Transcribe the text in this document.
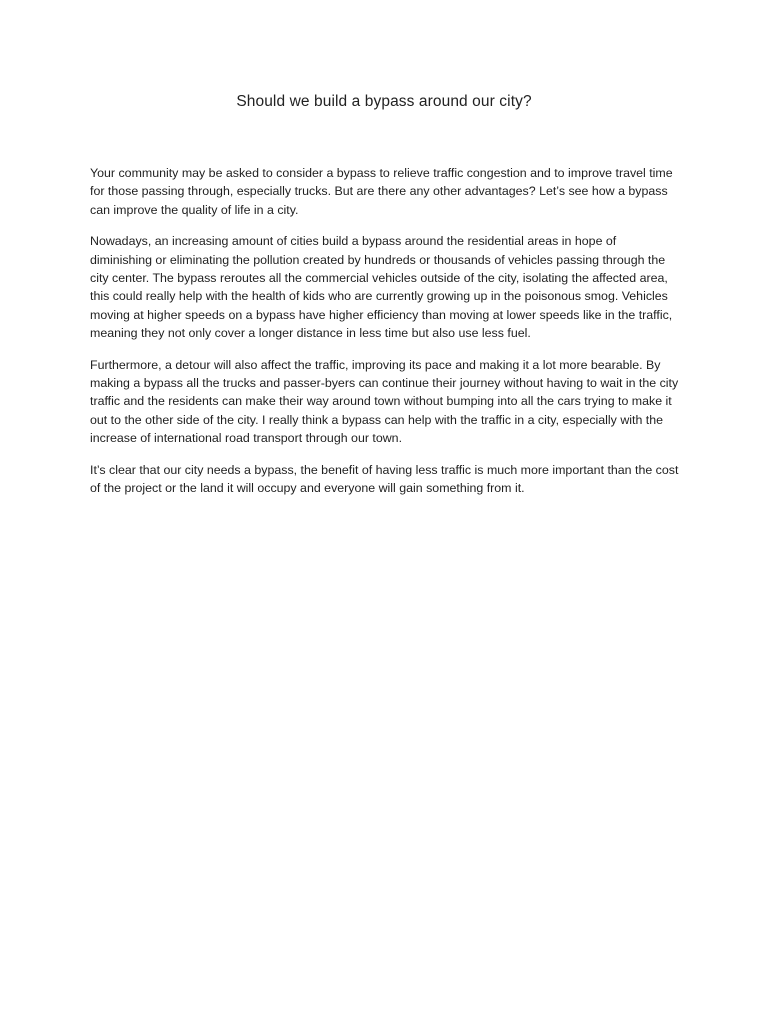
Should we build a bypass around our city?

Your community may be asked to consider a bypass to relieve traffic congestion and to improve travel time for those passing through, especially trucks. But are there any other advantages? Let’s see how a bypass can improve the quality of life in a city.

Nowadays, an increasing amount of cities build a bypass around the residential areas in hope of diminishing or eliminating the pollution created by hundreds or thousands of vehicles passing through the city center. The bypass reroutes all the commercial vehicles outside of the city, isolating the affected area, this could really help with the health of kids who are currently growing up in the poisonous smog. Vehicles moving at higher speeds on a bypass have higher efficiency than moving at lower speeds like in the traffic, meaning they not only cover a longer distance in less time but also use less fuel.

Furthermore, a detour will also affect the traffic, improving its pace and making it a lot more bearable. By making a bypass all the trucks and passer-byers can continue their journey without having to wait in the city traffic and the residents can make their way around town without bumping into all the cars trying to make it out to the other side of the city. I really think a bypass can help with the traffic in a city, especially with the increase of international road transport through our town.

It’s clear that our city needs a bypass, the benefit of having less traffic is much more important than the cost of the project or the land it will occupy and everyone will gain something from it.
